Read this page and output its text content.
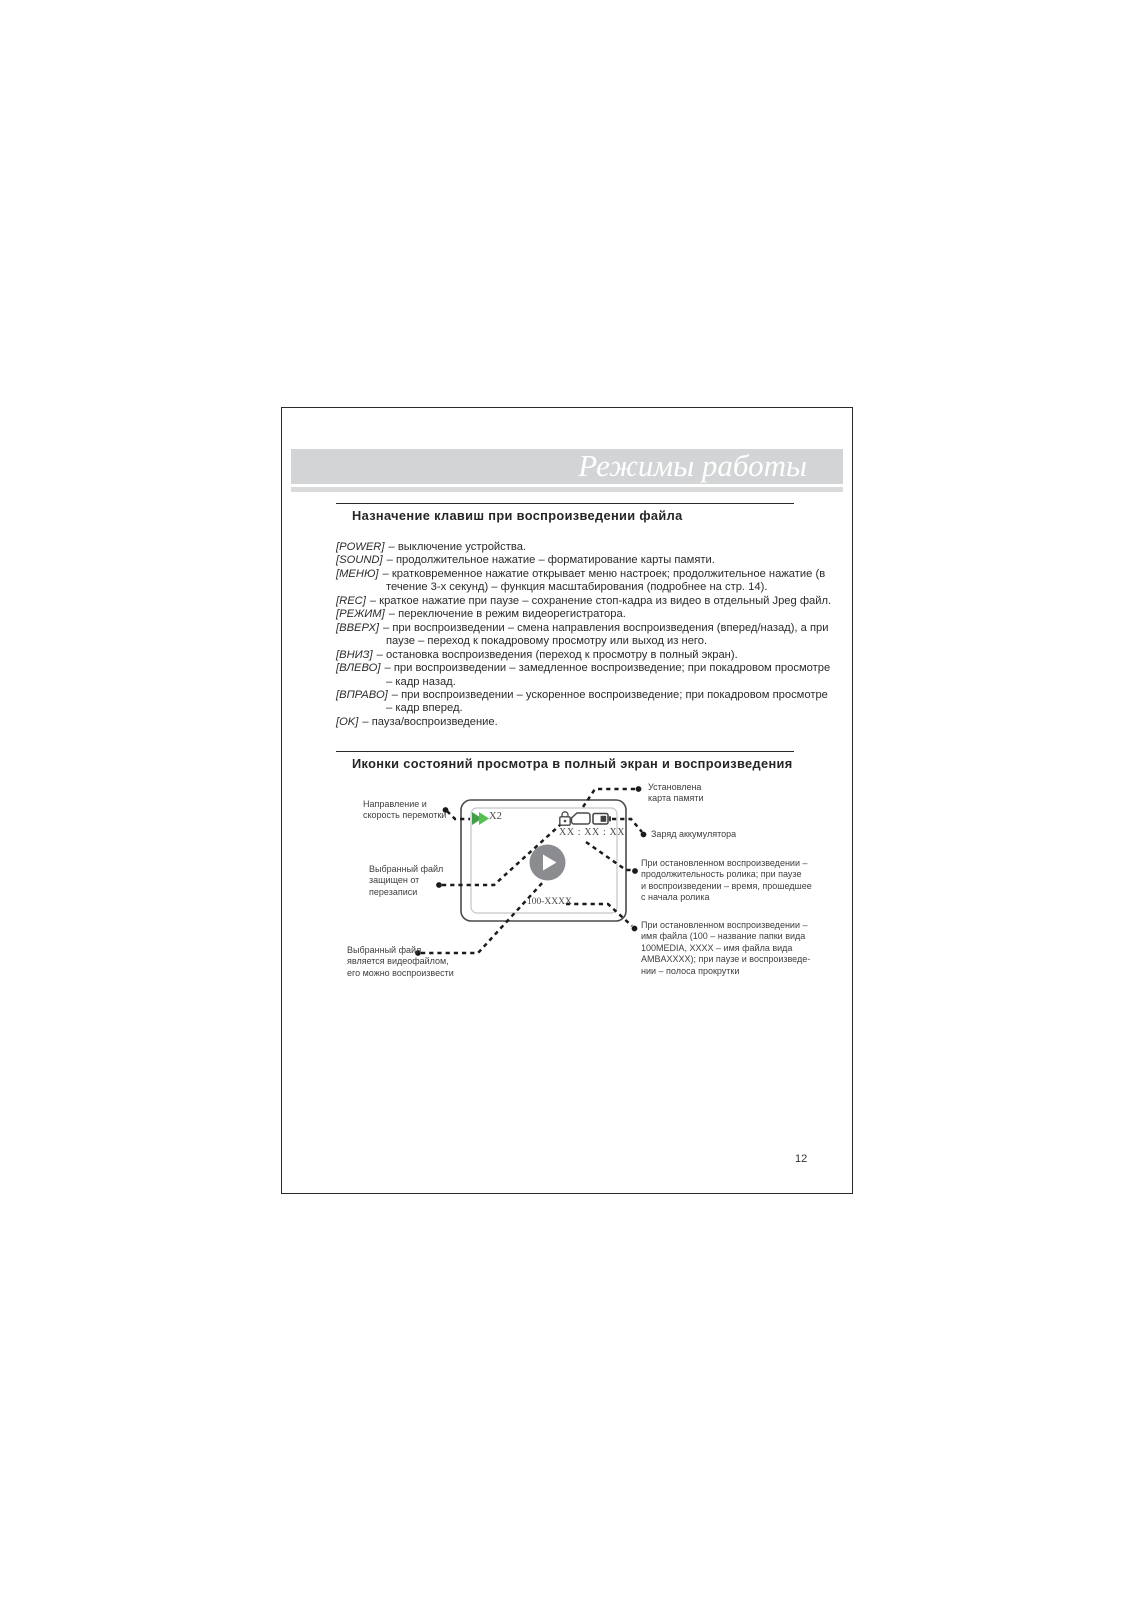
Режимы работы
Назначение клавиш при воспроизведении файла
[POWER] – выключение устройства.
[SOUND] – продолжительное нажатие – форматирование карты памяти.
[МЕНЮ] – кратковременное нажатие открывает меню настроек; продолжительное нажатие (в
течение 3-х секунд) – функция масштабирования (подробнее на стр. 14).
[REC] – краткое нажатие при паузе – сохранение стоп-кадра из видео в отдельный Jpeg файл.
[РЕЖИМ] – переключение в режим видеорегистратора.
[ВВЕРХ] – при воспроизведении – смена направления воспроизведения (вперед/назад), а при
паузе – переход к покадровому просмотру или выход из него.
[ВНИЗ] – остановка воспроизведения (переход к просмотру в полный экран).
[ВЛЕВО] – при воспроизведении – замедленное воспроизведение; при покадровом просмотре
– кадр назад.
[ВПРАВО] – при воспроизведении – ускоренное воспроизведение; при покадровом просмотре
– кадр вперед.
[OK] – пауза/воспроизведение.
Иконки состояний просмотра в полный экран и воспроизведения
X2
XX : XX : XX
100-XXXX
Направление и
скорость перемотки
Установлена
карта памяти
Заряд аккумулятора
Выбранный файл
защищен от
перезаписи
При остановленном воспроизведении –
продолжительность ролика; при паузе
и воспроизведении – время, прошедшее
с начала ролика
При остановленном воспроизведении –
имя файла (100 – название папки вида
100MEDIA, XXXX – имя файла вида
AMBAXXXX); при паузе и воспроизведе-
нии – полоса прокрутки
Выбранный файл
является видеофайлом,
его можно воспроизвести
12
